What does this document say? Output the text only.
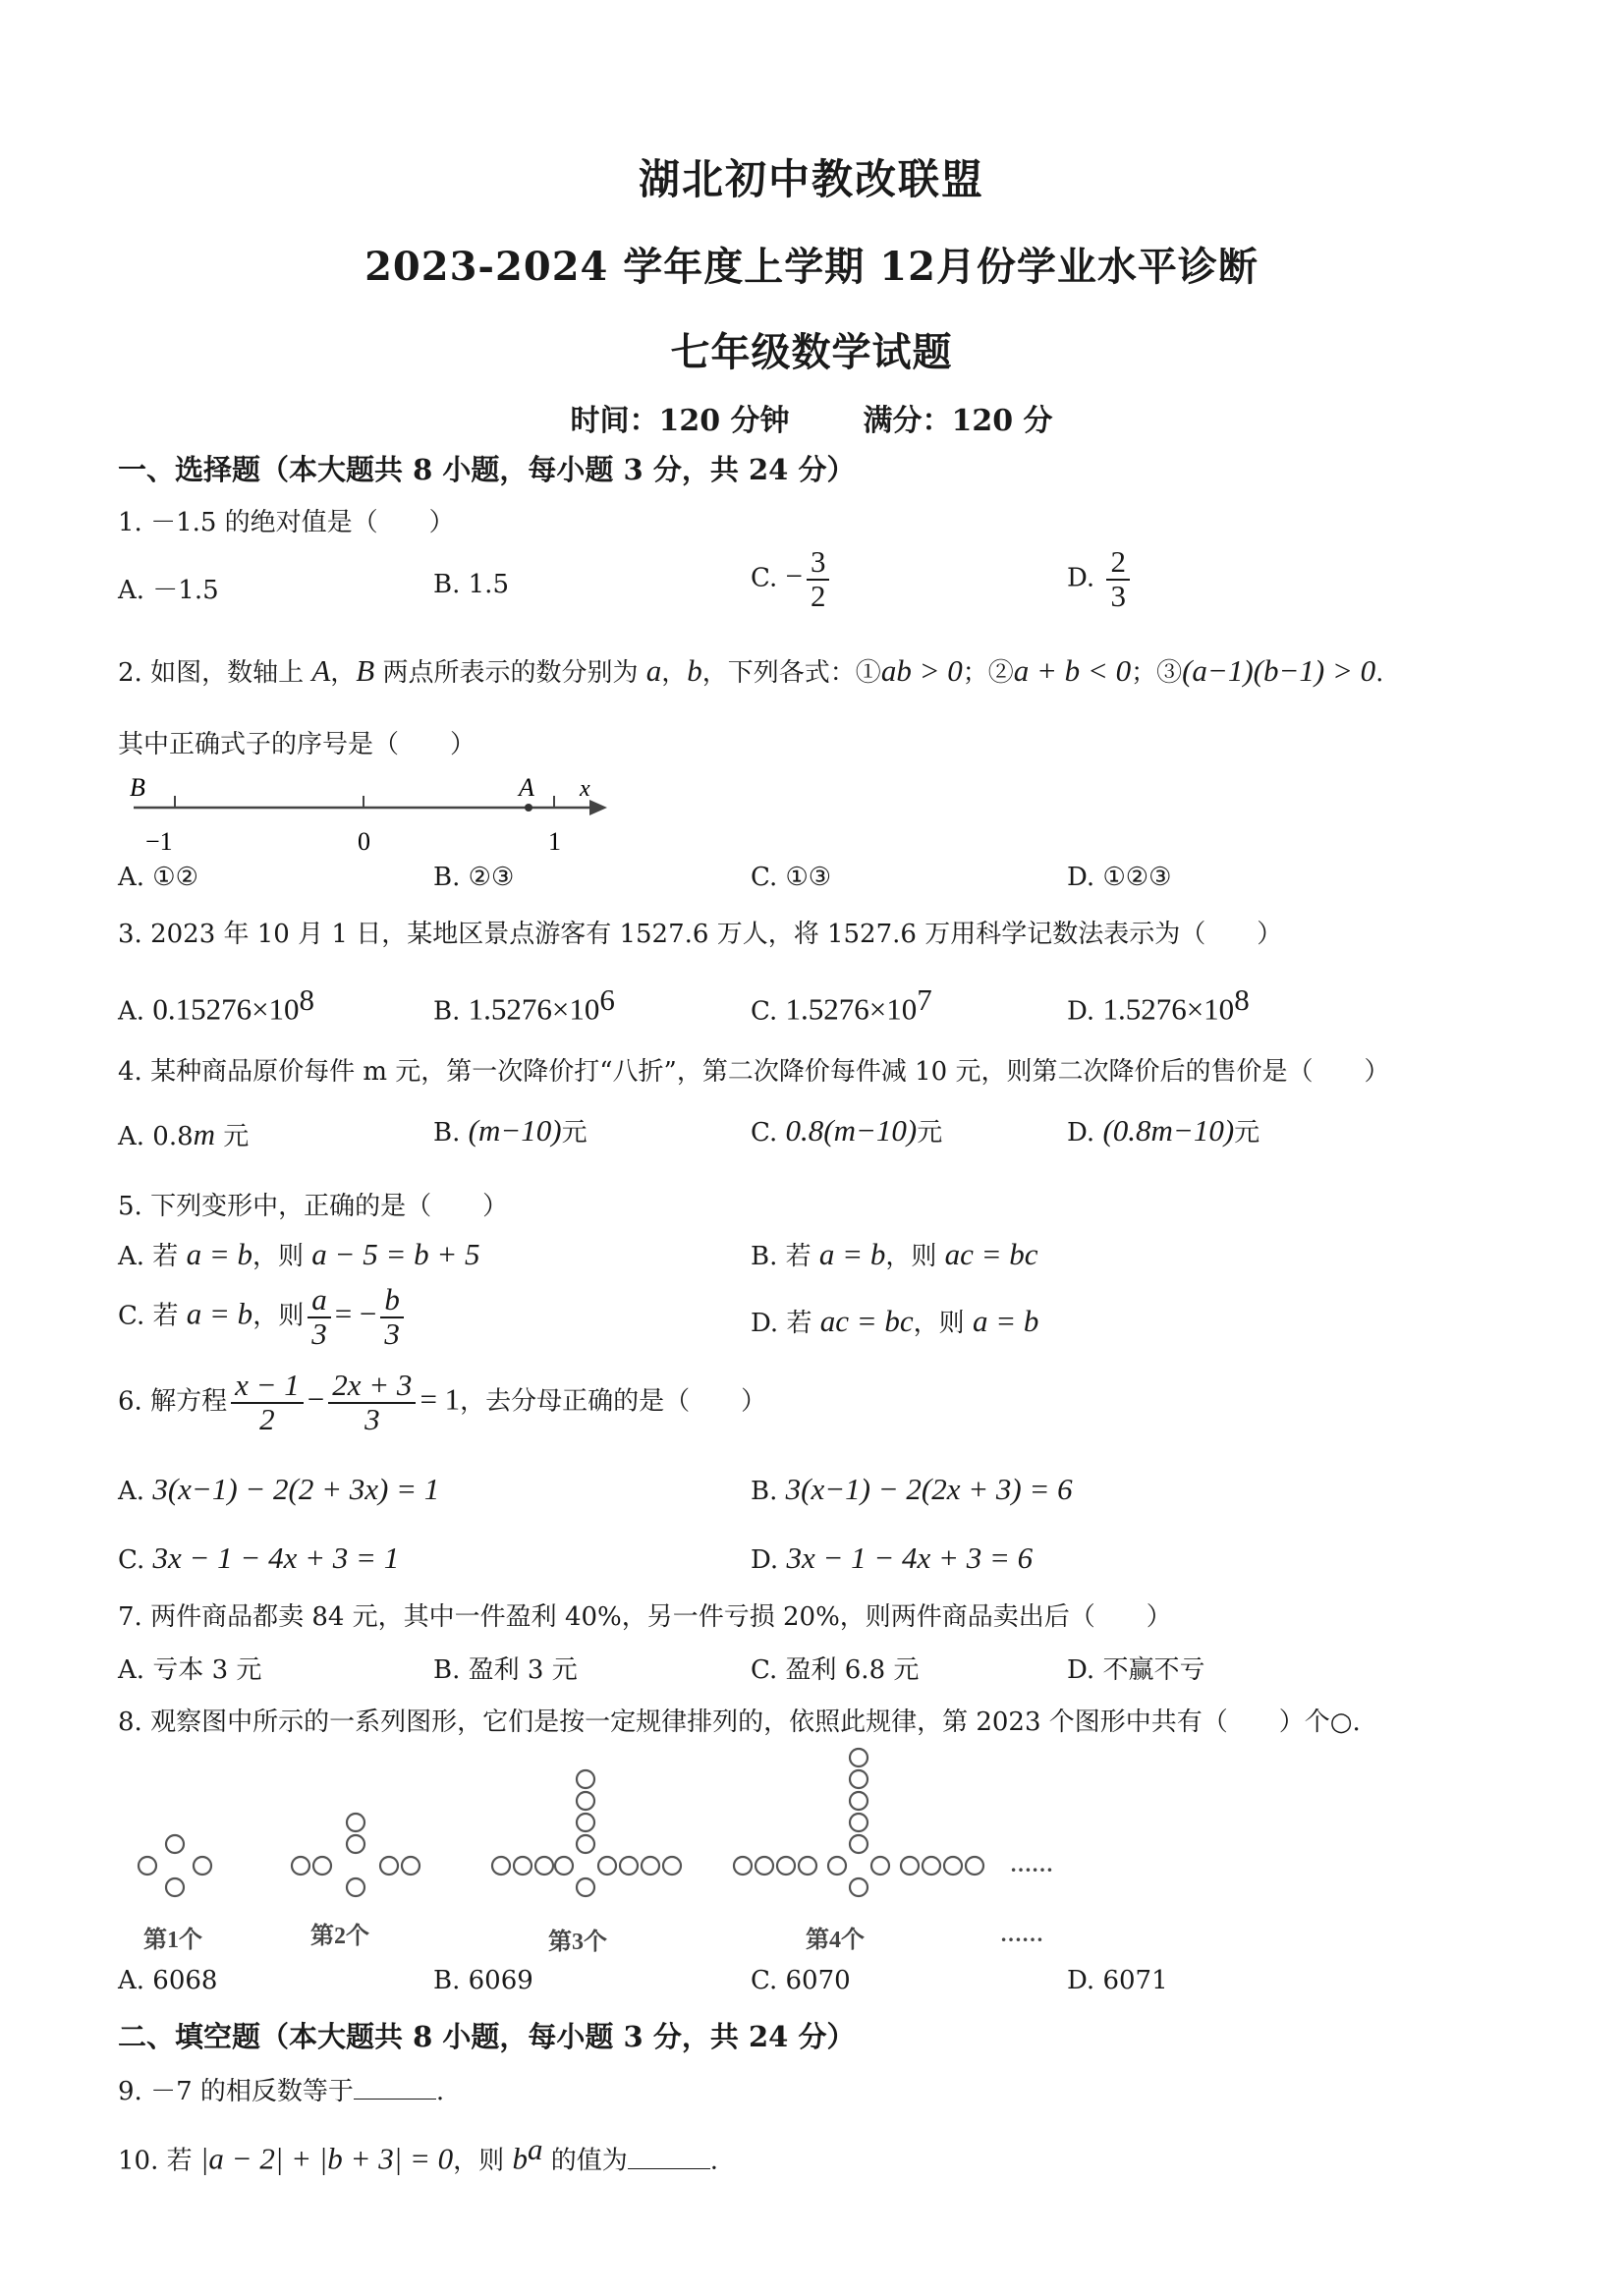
湖北初中教改联盟
2023-2024 学年度上学期 12月份学业水平诊断
七年级数学试题
时间：120 分钟 满分：120 分
一、选择题（本大题共 8 小题，每小题 3 分，共 24 分）
1. －1.5 的绝对值是（　　）
A. －1.5	B. 1.5	C. − $\frac{3}{2}$	D. $\frac{2}{3}$
2. 如图，数轴上 A，B 两点所表示的数分别为 a，b，下列各式：①ab > 0；②a + b < 0；③(a−1)(b−1) > 0.
其中正确式子的序号是（　　）
B	A x
−1	0	1
A. ①②	B. ②③	C. ①③	D. ①②③
3. 2023 年 10 月 1 日，某地区景点游客有 1527.6 万人，将 1527.6 万用科学记数法表示为（　　）
A. $0.15276\times 10^8$	B. $1.5276\times 10^6$	C. $1.5276\times 10^7$	D. $1.5276\times 10^8$
4. 某种商品原价每件 m 元，第一次降价打“八折”，第二次降价每件减 10 元，则第二次降价后的售价是（　　）
A. 0.8m 元	B. (m−10)元	C. 0.8(m−10)元	D. (0.8m−10)元
5. 下列变形中，正确的是（　　）
A. 若 a = b，则 a − 5 = b + 5	B. 若 a = b，则 ac = bc
C. 若 a = b，则 $\frac{a}{3}$ = − $\frac{b}{3}$	D. 若 ac = bc，则 a = b
6. 解方程 $\frac{x - 1}{2} - \frac{2x + 3}{3} = 1$，去分母正确的是（　　）
A. 3(x−1) − 2(2 + 3x) = 1	B. 3(x−1) − 2(2x + 3) = 6
C. 3x − 1 − 4x + 3 = 1	D. 3x − 1 − 4x + 3 = 6
7. 两件商品都卖 84 元，其中一件盈利 40%，另一件亏损 20%，则两件商品卖出后（　　）
A. 亏本 3 元	B. 盈利 3 元	C. 盈利 6.8 元	D. 不赢不亏
8. 观察图中所示的一系列图形，它们是按一定规律排列的，依照此规律，第 2023 个图形中共有（　　）个○.
……
第1个	第2个	第3个	第4个	……
A. 6068	B. 6069	C. 6070	D. 6071
二、填空题（本大题共 8 小题，每小题 3 分，共 24 分）
9. －7 的相反数等于	.
10. 若 |a − 2| + |b + 3| = 0，则 $b^a$ 的值为	.
